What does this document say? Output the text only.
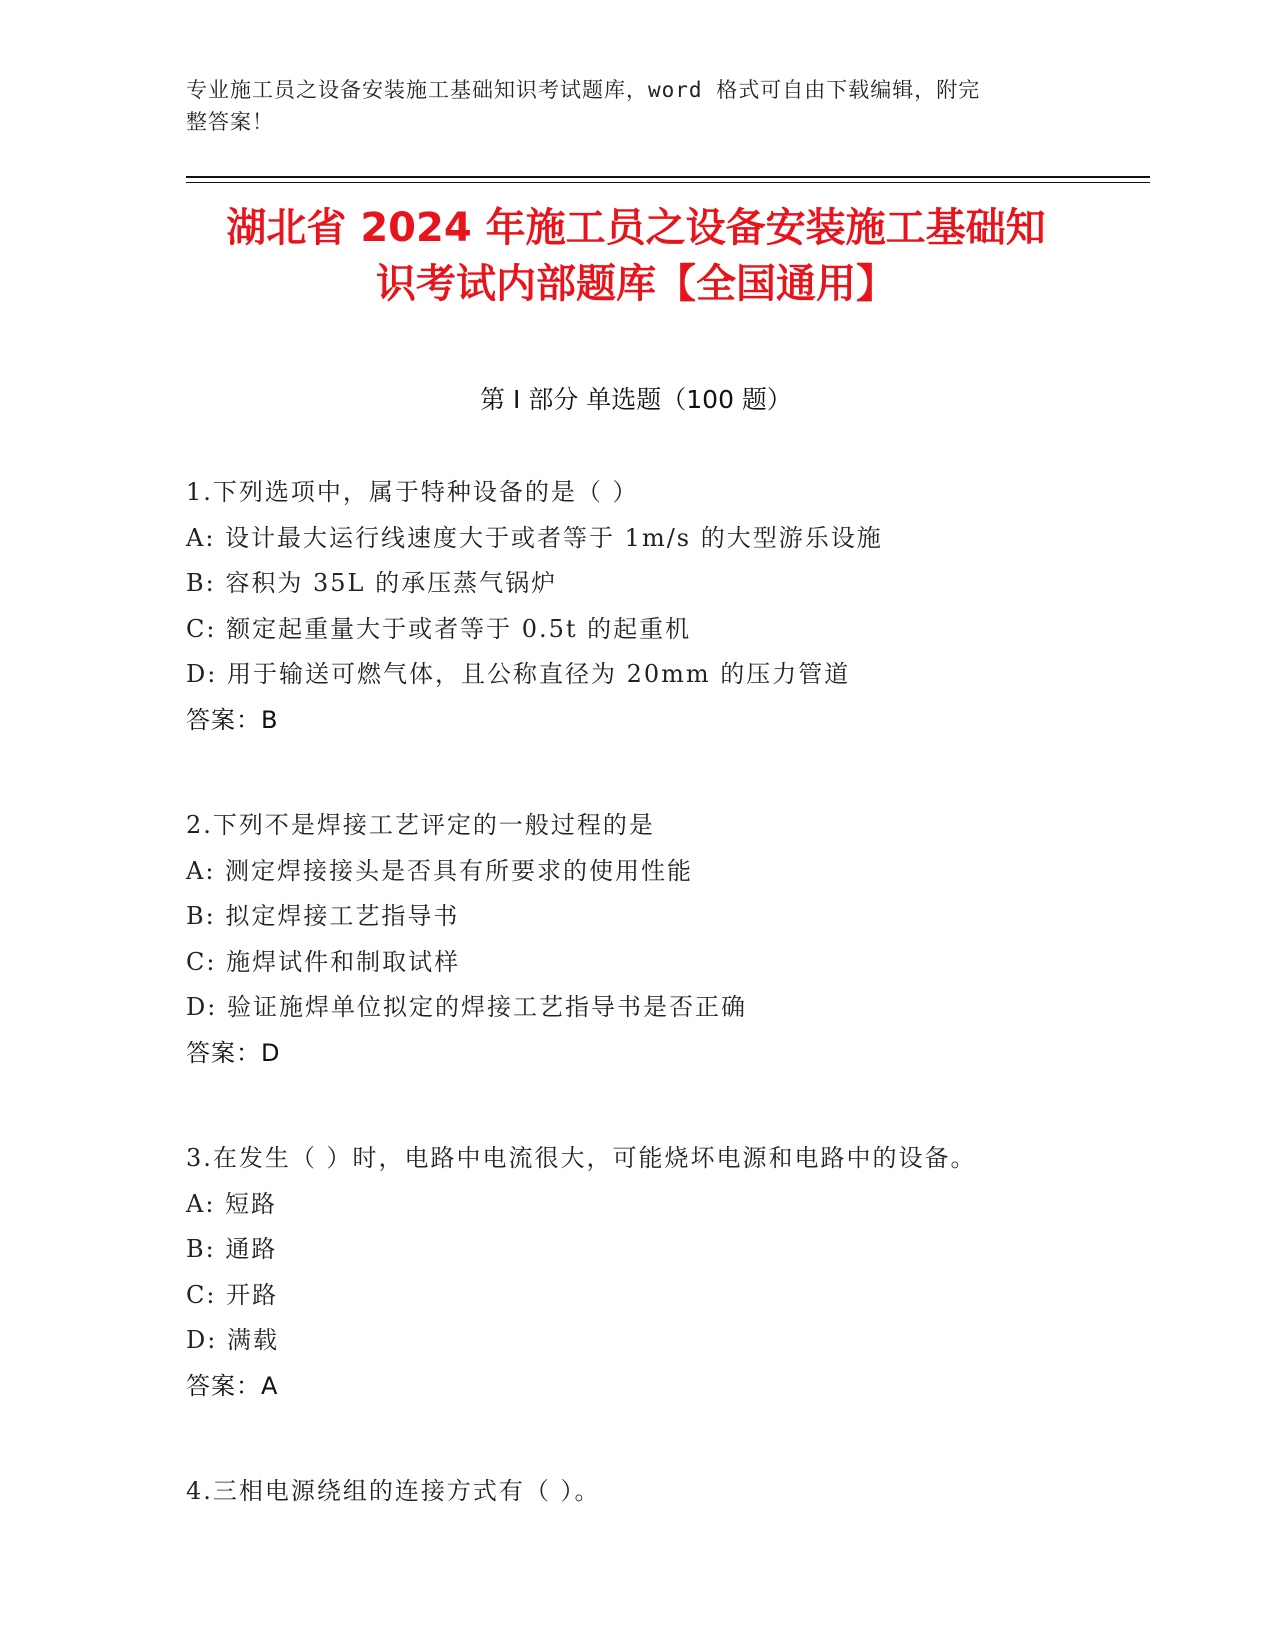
专业施工员之设备安装施工基础知识考试题库，word 格式可自由下载编辑，附完
整答案！
湖北省 2024 年施工员之设备安装施工基础知
识考试内部题库【全国通用】
第 I 部分 单选题（100 题）
1.下列选项中，属于特种设备的是（ ）
A: 设计最大运行线速度大于或者等于 1m/s 的大型游乐设施
B: 容积为 35L 的承压蒸气锅炉
C: 额定起重量大于或者等于 0.5t 的起重机
D: 用于输送可燃气体，且公称直径为 20mm 的压力管道
答案：B
2.下列不是焊接工艺评定的一般过程的是
A: 测定焊接接头是否具有所要求的使用性能
B: 拟定焊接工艺指导书
C: 施焊试件和制取试样
D: 验证施焊单位拟定的焊接工艺指导书是否正确
答案：D
3.在发生（ ）时，电路中电流很大，可能烧坏电源和电路中的设备。
A: 短路
B: 通路
C: 开路
D: 满载
答案：A
4.三相电源绕组的连接方式有（ ）。
